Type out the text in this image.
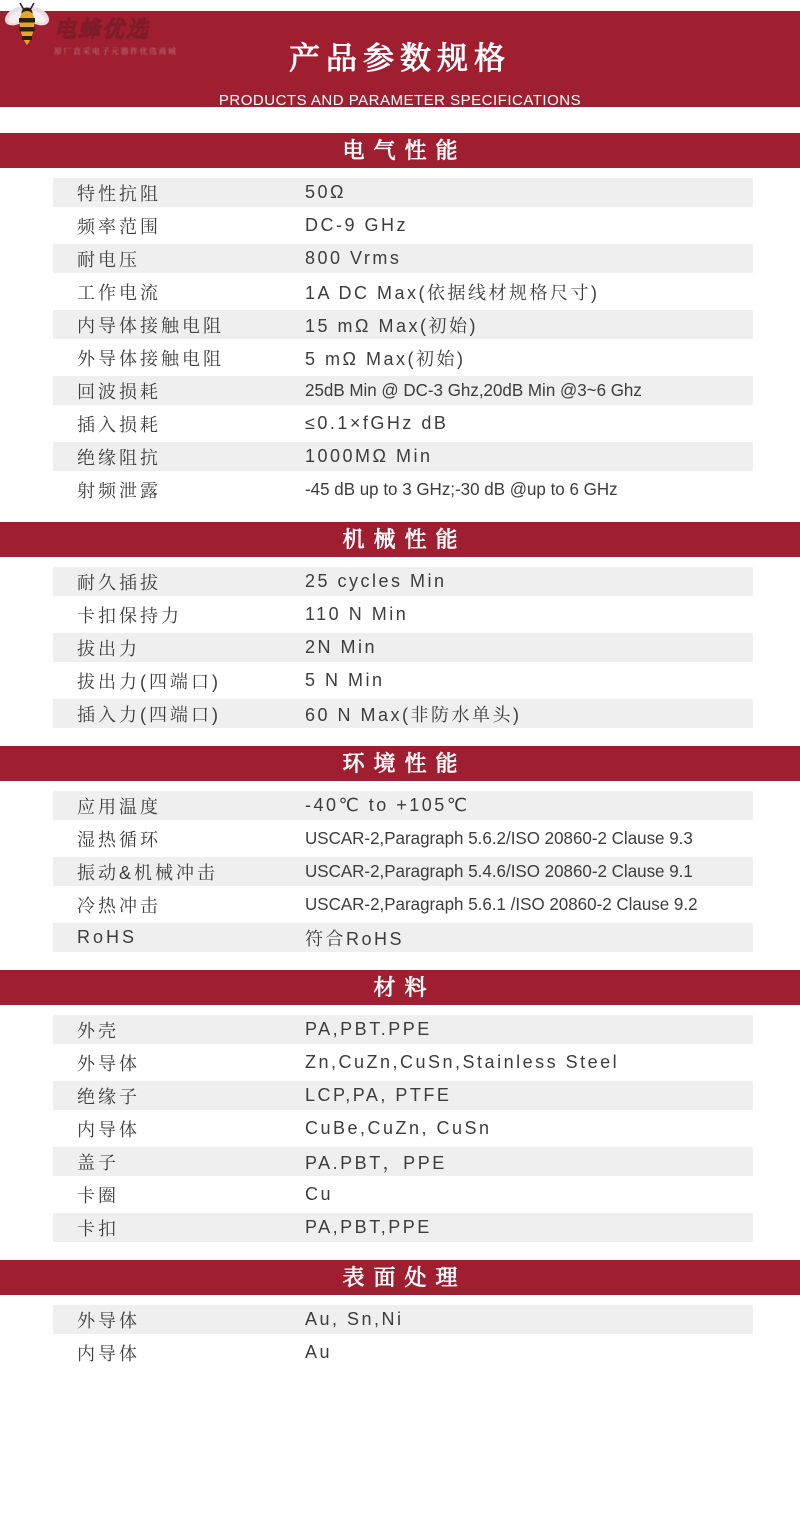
产品参数规格
PRODUCTS AND PARAMETER SPECIFICATIONS
电蜂优选
原厂直采电子元器件优选商城
电气性能
特性抗阻	50Ω
频率范围	DC-9 GHz
耐电压	800 Vrms
工作电流	1A DC Max(依据线材规格尺寸)
内导体接触电阻	15 mΩ Max(初始)
外导体接触电阻	5 mΩ Max(初始)
回波损耗	25dB Min @ DC-3 Ghz,20dB Min @3~6 Ghz
插入损耗	≤0.1×fGHz dB
绝缘阻抗	1000MΩ Min
射频泄露	-45 dB up to 3 GHz;-30 dB @up to 6 GHz
机械性能
耐久插拔	25 cycles Min
卡扣保持力	110 N Min
拔出力	2N Min
拔出力(四端口)	5 N Min
插入力(四端口)	60 N Max(非防水单头)
环境性能
应用温度	-40℃ to +105℃
湿热循环	USCAR-2,Paragraph 5.6.2/ISO 20860-2 Clause 9.3
振动&机械冲击	USCAR-2,Paragraph 5.4.6/ISO 20860-2 Clause 9.1
冷热冲击	USCAR-2,Paragraph 5.6.1 /ISO 20860-2 Clause 9.2
RoHS	符合RoHS
材料
外壳	PA,PBT.PPE
外导体	Zn,CuZn,CuSn,Stainless Steel
绝缘子	LCP,PA, PTFE
内导体	CuBe,CuZn, CuSn
盖子	PA.PBT，PPE
卡圈	Cu
卡扣	PA,PBT,PPE
表面处理
外导体	Au, Sn,Ni
内导体	Au
